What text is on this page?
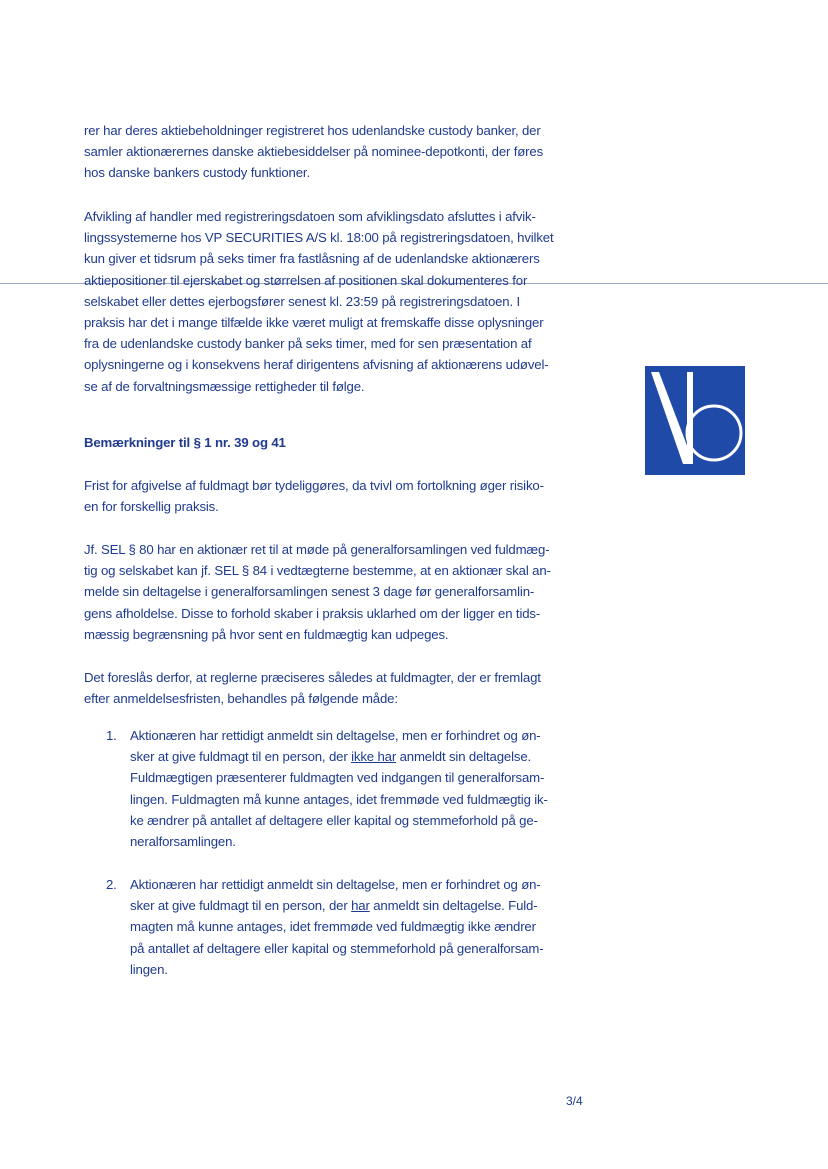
rer har deres aktiebeholdninger registreret hos udenlandske custody banker, der
samler aktionærernes danske aktiebesiddelser på nominee-depotkonti, der føres
hos danske bankers custody funktioner.
Afvikling af handler med registreringsdatoen som afviklingsdato afsluttes i afvik-
lingssystemerne hos VP SECURITIES A/S kl. 18:00 på registreringsdatoen, hvilket
kun giver et tidsrum på seks timer fra fastlåsning af de udenlandske aktionærers
aktiepositioner til ejerskabet og størrelsen af positionen skal dokumenteres for
selskabet eller dettes ejerbogsfører senest kl. 23:59 på registreringsdatoen. I
praksis har det i mange tilfælde ikke været muligt at fremskaffe disse oplysninger
fra de udenlandske custody banker på seks timer, med for sen præsentation af
oplysningerne og i konsekvens heraf dirigentens afvisning af aktionærens udøvel-
se af de forvaltningsmæssige rettigheder til følge.
Bemærkninger til § 1 nr. 39 og 41
Frist for afgivelse af fuldmagt bør tydeliggøres, da tvivl om fortolkning øger risiko-
en for forskellig praksis.
Jf. SEL § 80 har en aktionær ret til at møde på generalforsamlingen ved fuldmæg-
tig og selskabet kan jf. SEL § 84 i vedtægterne bestemme, at en aktionær skal an-
melde sin deltagelse i generalforsamlingen senest 3 dage før generalforsamlin-
gens afholdelse. Disse to forhold skaber i praksis uklarhed om der ligger en tids-
mæssig begrænsning på hvor sent en fuldmægtig kan udpeges.
Det foreslås derfor, at reglerne præciseres således at fuldmagter, der er fremlagt
efter anmeldelsesfristen, behandles på følgende måde:
1. Aktionæren har rettidigt anmeldt sin deltagelse, men er forhindret og øn-
sker at give fuldmagt til en person, der ikke har anmeldt sin deltagelse.
Fuldmægtigen præsenterer fuldmagten ved indgangen til generalforsam-
lingen. Fuldmagten må kunne antages, idet fremmøde ved fuldmægtig ik-
ke ændrer på antallet af deltagere eller kapital og stemmeforhold på ge-
neralforsamlingen.
2. Aktionæren har rettidigt anmeldt sin deltagelse, men er forhindret og øn-
sker at give fuldmagt til en person, der har anmeldt sin deltagelse. Fuld-
magten må kunne antages, idet fremmøde ved fuldmægtig ikke ændrer
på antallet af deltagere eller kapital og stemmeforhold på generalforsam-
lingen.
3/4
